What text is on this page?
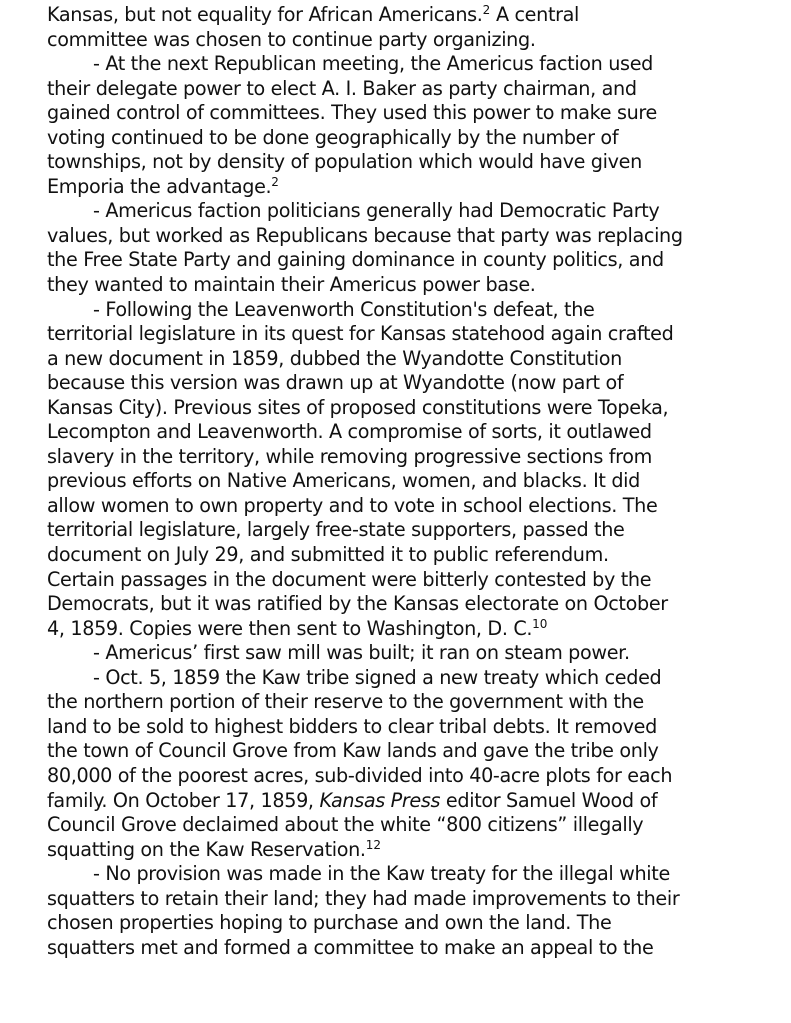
Kansas, but not equality for African Americans.$^2$ A central
committee was chosen to continue party organizing.
- At the next Republican meeting, the Americus faction used
their delegate power to elect A. I. Baker as party chairman, and
gained control of committees. They used this power to make sure
voting continued to be done geographically by the number of
townships, not by density of population which would have given
Emporia the advantage.$^2$
- Americus faction politicians generally had Democratic Party
values, but worked as Republicans because that party was replacing
the Free State Party and gaining dominance in county politics, and
they wanted to maintain their Americus power base.
- Following the Leavenworth Constitution's defeat, the
territorial legislature in its quest for Kansas statehood again crafted
a new document in 1859, dubbed the Wyandotte Constitution
because this version was drawn up at Wyandotte (now part of
Kansas City). Previous sites of proposed constitutions were Topeka,
Lecompton and Leavenworth. A compromise of sorts, it outlawed
slavery in the territory, while removing progressive sections from
previous efforts on Native Americans, women, and blacks. It did
allow women to own property and to vote in school elections. The
territorial legislature, largely free-state supporters, passed the
document on July 29, and submitted it to public referendum.
Certain passages in the document were bitterly contested by the
Democrats, but it was ratified by the Kansas electorate on October
4, 1859. Copies were then sent to Washington, D. C.$^{10}$
- Americus’ first saw mill was built; it ran on steam power.
- Oct. 5, 1859 the Kaw tribe signed a new treaty which ceded
the northern portion of their reserve to the government with the
land to be sold to highest bidders to clear tribal debts. It removed
the town of Council Grove from Kaw lands and gave the tribe only
80,000 of the poorest acres, sub-divided into 40-acre plots for each
family. On October 17, 1859, Kansas Press editor Samuel Wood of
Council Grove declaimed about the white “800 citizens” illegally
squatting on the Kaw Reservation.$^{12}$
- No provision was made in the Kaw treaty for the illegal white
squatters to retain their land; they had made improvements to their
chosen properties hoping to purchase and own the land. The
squatters met and formed a committee to make an appeal to the
